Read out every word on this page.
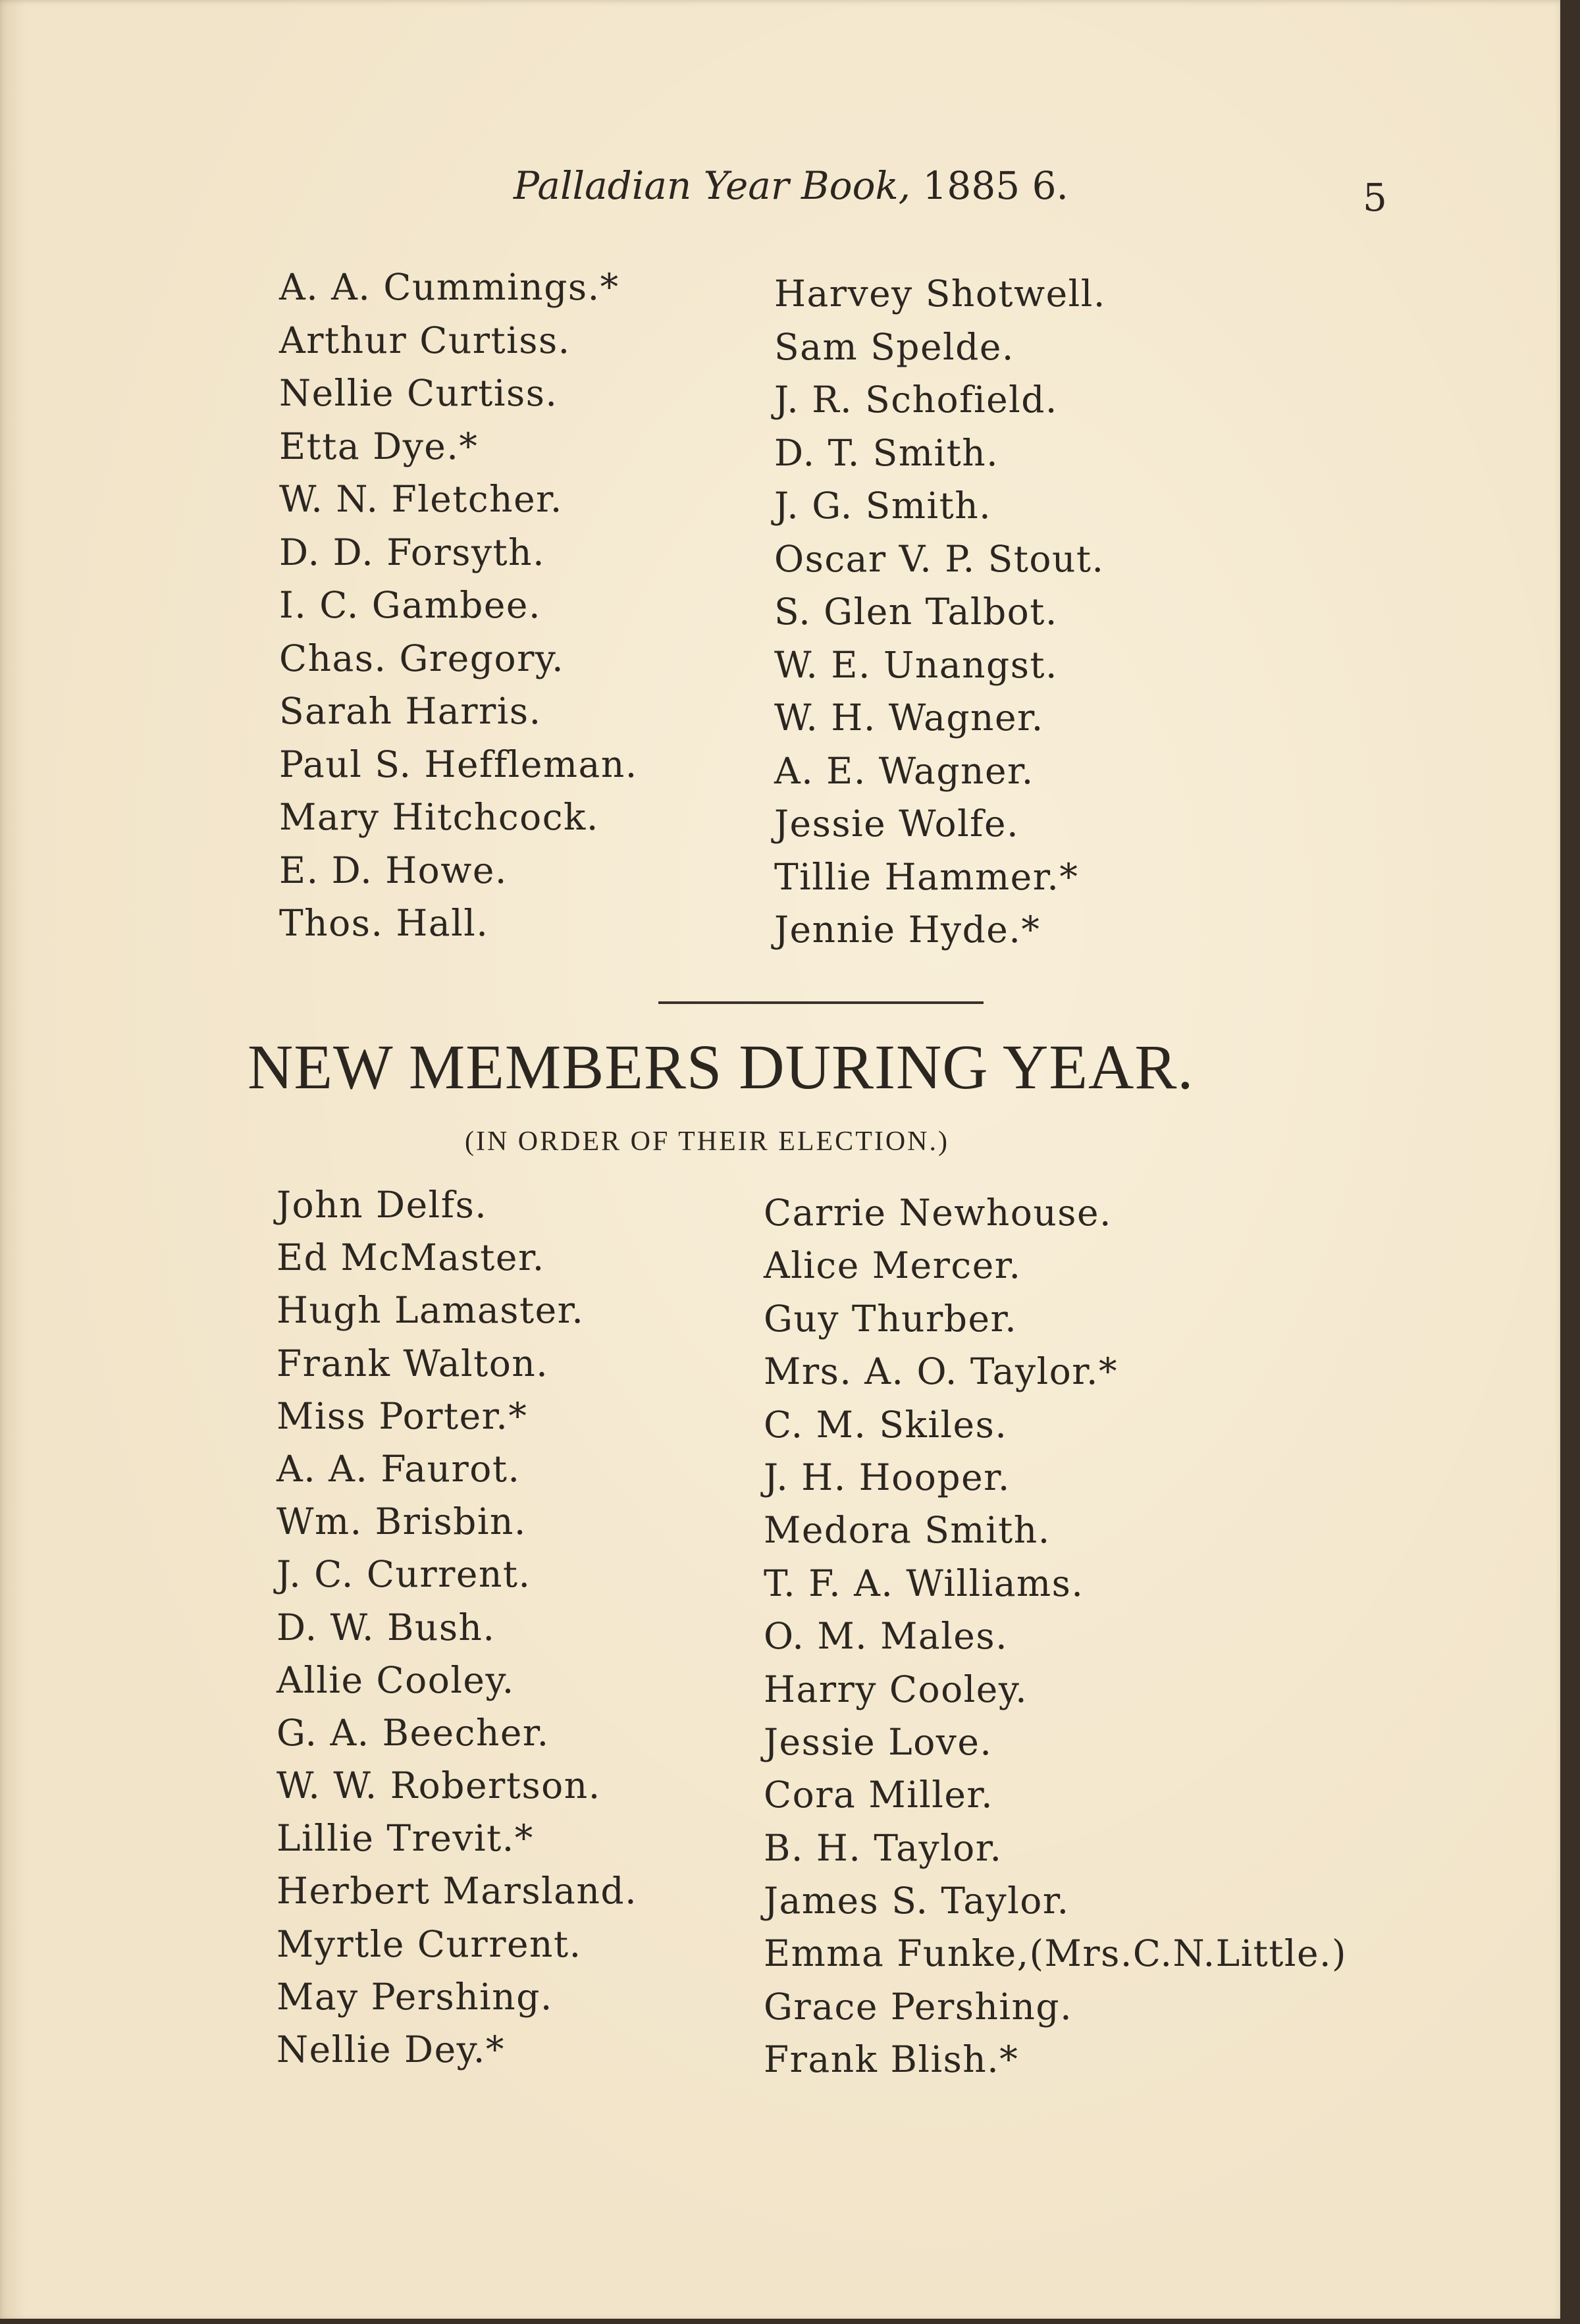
Palladian Year Book, 1885 6.	5
A. A. Cummings.*
Arthur Curtiss.
Nellie Curtiss.
Etta Dye.*
W. N. Fletcher.
D. D. Forsyth.
I. C. Gambee.
Chas. Gregory.
Sarah Harris.
Paul S. Heffleman.
Mary Hitchcock.
E. D. Howe.
Thos. Hall.
Harvey Shotwell.
Sam Spelde.
J. R. Schofield.
D. T. Smith.
J. G. Smith.
Oscar V. P. Stout.
S. Glen Talbot.
W. E. Unangst.
W. H. Wagner.
A. E. Wagner.
Jessie Wolfe.
Tillie Hammer.*
Jennie Hyde.*
NEW MEMBERS DURING YEAR.
(IN ORDER OF THEIR ELECTION.)
John Delfs.
Ed McMaster.
Hugh Lamaster.
Frank Walton.
Miss Porter.*
A. A. Faurot.
Wm. Brisbin.
J. C. Current.
D. W. Bush.
Allie Cooley.
G. A. Beecher.
W. W. Robertson.
Lillie Trevit.*
Herbert Marsland.
Myrtle Current.
May Pershing.
Nellie Dey.*
Carrie Newhouse.
Alice Mercer.
Guy Thurber.
Mrs. A. O. Taylor.*
C. M. Skiles.
J. H. Hooper.
Medora Smith.
T. F. A. Williams.
O. M. Males.
Harry Cooley.
Jessie Love.
Cora Miller.
B. H. Taylor.
James S. Taylor.
Emma Funke,(Mrs.C.N.Little.)
Grace Pershing.
Frank Blish.*
